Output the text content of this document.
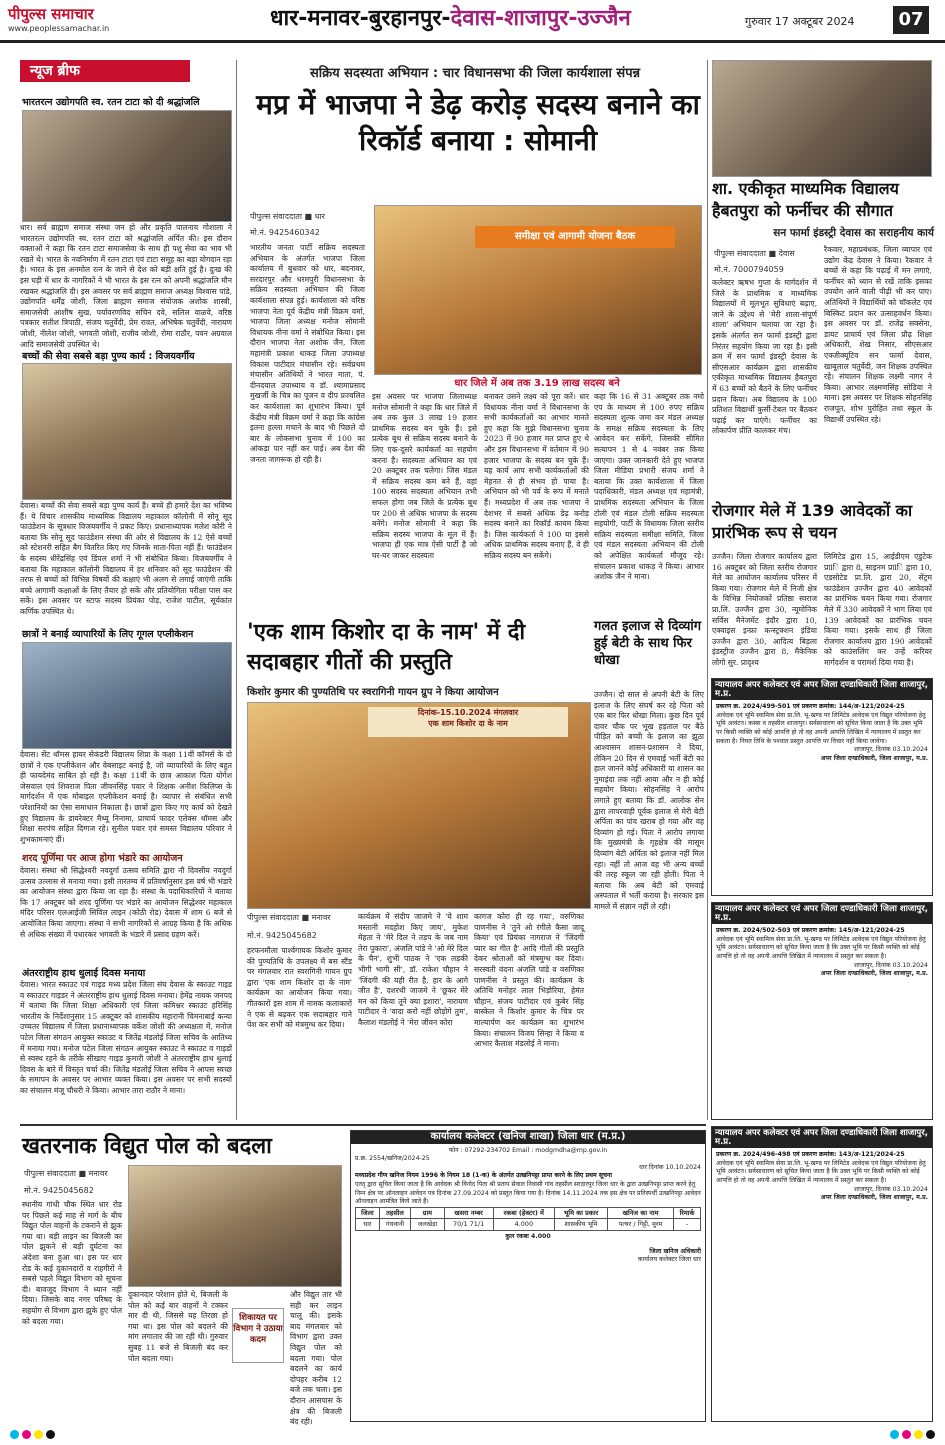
पीपुल्स समाचार
www.peoplessamachar.in	धार-मनावर-बुरहानपुर-देवास-शाजापुर-उज्जैन	गुरुवार 17 अक्टूबर 2024	07
न्यूज ब्रीफ
भारतरत्न उद्योगपति स्व. रतन टाटा को दी श्रद्धांजलि
धार। सर्व ब्राह्मण समाज संस्था जन हो और प्रकृति पालनाय गोशाला ने भारतरत्न उद्योगपति स्व. रतन टाटा को श्रद्धांजलि अर्पित की। इस दौरान वक्ताओं ने कहा कि रतन टाटा समाजसेवा के साथ ही पशु सेवा का भाव भी रखते थे। भारत के नवनिर्माण में रतन टाटा एवं टाटा समूह का बड़ा योगदान रहा है। भारत के इस अनमोल रत्न के जाने से देश को बड़ी क्षति हुई है। दुःख की इस घड़ी में धार के नागरिकों ने भी भारत के इस रत्न को अपनी श्रद्धांजलि मौन रखकर श्रद्धांजलि दी। इस अवसर पर सर्व ब्राह्मण समाज अध्यक्ष विश्वास पांडे, उद्योगपति धर्मेंद्र जोशी, जिला ब्राह्मण समाज संयोजक अशोक शास्त्री, समाजसेवी आशीष सुख, पर्यावरणविद सचिन दवे, सलिल वाळवे, वरिष्ठ पत्रकार सतीश त्रिपाठी, संजय चतुर्वेदी, प्रेम रावत, अभिषेक चतुर्वेदी, नारायण जोशी, नीलेश जोशी, भगवती जोशी, राजीव जोशी, रोमा राठौर, पवन अग्रवाल आदि समाजसेवी उपस्थित थे।
बच्चों की सेवा सबसे बड़ा पुण्य कार्य : विजयवर्गीय
देवास। बच्चों की सेवा सबसे बड़ा पुण्य कार्य है। बच्चे ही हमारे देश का भविष्य हैं। ये विचार शासकीय माध्यमिक विद्यालय महाकाल कॉलोनी में सोनू सूद फाउंडेशन के सूत्रधार विजयवर्गीय ने प्रकट किए। प्रधानाध्यापक मलेश कोरी ने बताया कि सोनू सूद फाउंडेशन संस्था की ओर से विद्यालय के 12 ऐसे बच्चों को स्टेशनरी सहित बैग वितरित किए गए जिनके माता-पिता नहीं हैं। फाउंडेशन के सदस्य धीरेंद्रसिंह एवं डिंपल शर्मा ने भी संबोधित किया। विजयवर्गीय ने बताया कि महाकाल कॉलोनी विद्यालय में हर शनिवार को सूद फाउंडेशन की तरफ से बच्चों को विभिन्न विषयों की कक्षाएं भी अलग से लगाई जाएंगी ताकि बच्चे आगामी कक्षाओं के लिए तैयार हो सकें और प्रतियोगिता परीक्षा पास कर सकें। इस अवसर पर स्टाफ सदस्य प्रियंका पोड़, राजेश पाटील, सूर्यकांत कर्णिक उपस्थित थे।
छात्रों ने बनाई व्यापारियों के लिए गूगल एप्लीकेशन
देवास। सेंट थॉमस हायर सेकंडरी विद्यालय शिप्रा के कक्षा 11वीं कॉमर्स के दो छात्रों ने एक एप्लीकेशन और वेबसाइट बनाई है, जो व्यापारियों के लिए बहुत ही फायदेमंद साबित हो रही है। कक्षा 11वीं के छात्र आकाश पिता योगेश जेसवाल एवं शिवराज पिता जीवनसिंह पवार ने शिक्षक अनीश फिलिप्स के मार्गदर्शन में एक मोबाइल एप्लीकेशन बनाई है। व्यापार से संबंधित सभी परेशानियों का ऐसा समाधान निकाला है। छात्रों द्वारा किए गए कार्य को देखते हुए विद्यालय के डायरेक्टर मैथ्यू निनामा, प्राचार्य फादर एलेक्स थॉमस और शिक्षा सरपंच सहित दिग्गज रहे। सुनील पवार एवं समस्त विद्यालय परिवार ने शुभकामनाएं दीं।
शरद पूर्णिमा पर आज होगा भंडारे का आयोजन
देवास। संस्था श्री सिद्धेश्वरी नवदुर्गा उत्सव समिति द्वारा नौ दिवसीय नवदुर्गा उत्सव उल्लास से मनाया गया। इसी तारतम्य में प्रतिवर्षानुसार इस वर्ष भी भंडारे का आयोजन संस्था द्वारा किया जा रहा है। संस्था के पदाधिकारियों ने बताया कि 17 अक्टूबर को शरद पूर्णिमा पर भंडारे का आयोजन सिद्धेश्वर महाकाल मंदिर परिसर एलआईजी सिविल लाइन (कोठी रोड) देवास में शाम 6 बजे से आयोजित किया जाएगा। संस्था ने सभी नागरिकों से आग्रह किया है कि अधिक से अधिक संख्या में पधारकर भगवती के भंडारे में प्रसाद ग्रहण करें।
अंतरराष्ट्रीय हाथ धुलाई दिवस मनाया
देवास। भारत स्काउट एवं गाइड मध्य प्रदेश जिला संघ देवास के स्काउट गाइड व स्काउटर गाइडर ने अंतरराष्ट्रीय हाथ धुलाई दिवस मनाया। हेमेंद्र नायक जनपद में बताया कि जिला शिक्षा अधिकारी एवं जिला कमिश्नर स्काउट हरिसिंह भारतीय के निर्देशानुसार 15 अक्टूबर को शासकीय महारानी चिमनाबाई कन्या उच्चतर विद्यालय में जिला प्रधानाध्यापक वर्केश जोशी की अध्यक्षता में, मनोज पटेल जिला संगठन आयुक्त स्काउट व जितेंद्र मंडलोई जिला सचिव के आतिथ्य में मनाया गया। मनोज पटेल जिला संगठन आयुक्त स्काउट ने स्काउट व गाइडों से स्वस्थ रहने के तरीके सीखाए गाइड कुमारी जोशी ने अंतरराष्ट्रीय हाथ धुलाई दिवस के बारे में विस्तृत चर्चा की। जितेंद्र मंडलोई जिला सचिव ने आपस स्वच्छ के समापन के अवसर पर आभार व्यक्त किया। इस अवसर पर सभी सदस्यों का संचालन मंजू चौधरी ने किया। आभार तारा राठौर ने माना।
सक्रिय सदस्यता अभियान : चार विधानसभा की जिला कार्यशाला संपन्न
मप्र में भाजपा ने डेढ़ करोड़ सदस्य बनाने का रिकॉर्ड बनाया : सोमानी
पीपुल्स संवाददाता ■ धार
मो.नं. 9425460342	समीक्षा एवं आगामी योजना बैठक
धार जिले में अब तक 3.19 लाख सदस्य बने
भारतीय जनता पार्टी सक्रिय सदस्यता अभियान के अंतर्गत भाजपा जिला कार्यालय में बुधवार को धार, बदनावर, सरदारपुर और धरमपुरी विधानसभा के सक्रिय सदस्यता अभियान की जिला कार्यशाला संपन्न हुई। कार्यशाला को वरिष्ठ भाजपा नेता पूर्व केंद्रीय मंत्री विक्रम वर्मा, भाजपा जिला अध्यक्ष मनोज सोमानी विधायक नीना वर्मा ने संबोधित किया। इस दौरान भाजपा नेता अशोक जैन, जिला महामंत्री प्रकाश धाकड़ जिला उपाध्यक्ष विकास पाटीदार मंचासीन रहे। सर्वप्रथम मंचासीन अतिथियों ने भारत माता, पं. दीनदयाल उपाध्याय व डॉ. श्यामाप्रसाद मुखर्जी के चित्र का पूजन व दीप प्रज्वलित कर कार्यशाला का शुभारंभ किया। पूर्व केंद्रीय मंत्री विक्रम वर्मा ने कहा कि कांग्रेस इतना हल्ला मचाने के बाद भी पिछले दो बार के लोकसभा चुनाव में 100 का आंकड़ा पार नहीं कर पाई। अब देश की जनता जागरूक हो रही है।
इस अवसर पर भाजपा जिलाध्यक्ष मनोज सोमानी ने कहा कि धार जिले में अब तक कुल 3 लाख 19 हजार प्राथमिक सदस्य बन चुके हैं। इसे प्रत्येक बूथ से सक्रिय सदस्य बनाने के लिए एक-दूसरे कार्यकर्ता का सहयोग करना है। सदस्यता अभियान का एवं 20 अक्टूबर तक चलेगा। जिस मंडल में सक्रिय सदस्य कम बने हैं, वहां 100 सदस्य सदस्यता अभियान तभी सफल होगा जब जिले के प्रत्येक बूथ पर 200 से अधिक भाजपा के सदस्य बनेंगे। मनोज सोमानी ने कहा कि सक्रिय सदस्य भाजपा के मूल में हैं। भाजपा ही एक मात्र ऐसी पार्टी है जो घर-घर जाकर सदस्यता
बनाकर उसने लक्ष्य को पूरा करें। धार विधायक नीना वर्मा ने विधानसभा के सभी कार्यकर्ताओं का आभार मानते हुए कहा कि मुझे विधानसभा चुनाव 2023 में 90 हजार मत प्राप्त हुए थे और इस विधानसभा में वर्तमान में 90 हजार भाजपा के सदस्य बन चुके हैं। यह कार्य आप सभी कार्यकर्ताओं की मेहनत से ही संभव हो पाया है। अभियान को भी पर्व के रूप में मनाते हैं। मध्यप्रदेश में अब तक भाजपा ने देशभर में सबसे अधिक डेढ़ करोड़ सदस्य बनाने का रिकॉर्ड कायम किया है। जिस कार्यकर्ता ने 100 या इससे अधिक प्राथमिक सदस्य बनाए हैं, वे ही सक्रिय सदस्य बन सकेंगे।
कहा कि 16 से 31 अक्टूबर तक नमो एप के माध्यम से 100 रुपए सक्रिय सदस्यता शुल्क जमा कर मंडल अध्यक्ष के समक्ष सक्रिय सदस्यता के लिए आवेदन कर सकेंगे, जिसकी सीमित सत्यापन 1 से 4 नवंबर तक किया जाएगा। उक्त जानकारी देते हुए भाजपा जिला मीडिया प्रभारी संजय शर्मा ने बताया कि उक्त कार्यशाला में जिला पदाधिकारी, मंडल अध्यक्ष एवं महामंत्री, प्राथमिक सदस्यता अभियान के जिला टोली एवं मंडल टोली सक्रिय सदस्यता सहयोगी, पार्टी के विधायक जिला स्तरीय सक्रिय सदस्यता समीक्षा समिति, जिला एवं मंडल सदस्यता अभियान की टोली को अपेक्षित कार्यकर्ता मौजूद रहे। संचालन प्रकाश धाकड़ ने किया। आभार अशोक जैन ने माना।
शा. एकीकृत माध्यमिक विद्यालय हैबतपुरा को फर्नीचर की सौगात
सन फार्मा इंडस्ट्री देवास का सराहनीय कार्य
पीपुल्स संवाददाता ■ देवास
मो.नं. 7000794059
कलेक्टर ऋषभ गुप्ता के मार्गदर्शन में जिले के प्राथमिक व माध्यमिक विद्यालयों में मूलभूत सुविधाएं बढ़ाए, जाने के उद्देश्य से 'मेरी शाला-संपूर्ण शाला' अभियान चलाया जा रहा है। इसके अंतर्गत सन फार्मा इंडस्ट्री द्वारा निरंतर सहयोग किया जा रहा है। इसी क्रम में सन फार्मा इंडस्ट्री देवास के सीएसआर कार्यक्रम द्वारा शासकीय एकीकृत माध्यमिक विद्यालय हैबतपुरा में 63 बच्चों को बैठने के लिए फर्नीचर प्रदान किया। अब विद्यालय के 100 प्रतिशत विद्यार्थी कुर्सी-टेबल पर बैठकर पढ़ाई कर पाएंगे। फर्नीचर का लोकार्पण प्रीति कालकर मंच।
रैकवार, महाप्रबंधक, जिला व्यापार एवं उद्योग केंद्र देवास ने किया। रैकवार ने बच्चों से कहा कि पढ़ाई में मन लगाएं, फर्नीचर को ध्यान से रखें ताकि इसका उपयोग आने वाली पीढ़ी भी कर पाए। अतिथियों ने विद्यार्थियों को चॉकलेट एवं बिस्किट प्रदान कर उत्साहवर्धन किया। इस अवसर पर डॉ. राजेंद्र सक्सेना, डायट प्राचार्य एवं जिला प्रौढ़ शिक्षा अधिकारी, शेख निसार, सीएसआर एक्जीक्यूटिव सन फार्मा देवास, खाबूलाल चतुर्वेदी, जन शिक्षक उपस्थित रहे। संचालन शिक्षक लक्ष्मी नागर ने किया। आभार लक्ष्मणसिंह सोडिया ने माना। इस अवसर पर शिक्षक सोहनसिंह राजपूत, शोभ पुरोहित तथा स्कूल के विद्यार्थी उपस्थित रहे।
रोजगार मेले में 139 आवेदकों का प्रारंभिक रूप से चयन
उज्जैन। जिला रोजगार कार्यालय द्वारा 16 अक्टूबर को जिला स्तरीय रोजगार मेले का आयोजन कार्यालय परिसर में किया गया। रोजगार मेले में निजी क्षेत्र के विभिन्न नियोजकों प्रतिष्ठा स्वराज प्रा.लि. उज्जैन द्वारा 30, न्यूमोनिक सर्विस मैनेजमेंट इंदौर द्वारा 10, एक्वाइस इन्फ्रा कन्स्ट्रक्शन इंडिया उज्जैन द्वारा 30, आदित्य बिड़ला इंडस्ट्रीज उज्जैन द्वारा 8, मैकेनिक लोगो सुर. प्रादृश्य
लिमिटेड द्वारा 15, आईडीएम एडुटेक प्राlि द्वारा 8, साइनम प्राlि द्वारा 10, एडसोटेड प्रा.लि. द्वारा 20, सेंट्रम फाउंडेशन उज्जैन द्वारा 40 आवेदकों का प्रारंभिक चयन किया गया। रोजगार मेले में 330 आवेदकों ने भाग लिया एवं 139 आवेदकों का प्रारंभिक चयन किया गया। इसके साथ ही जिला रोजगार कार्यालय द्वारा 190 आवेदकों को काउंसलिंग कर उन्हें करियर मार्गदर्शन व परामर्श दिया गया है।
न्यायालय अपर कलेक्टर एवं अपर जिला दण्डाधिकारी जिला शाजापुर, म.प्र.
प्रकरण क्र. 2024/499-501 एवं प्रकरण क्रमांक: 144/अ-121/2024-25
आवेदक एवं भूमि स्वामित्व सेवा प्रा.लि. भू-खण्ड पर लिमिटेड आवेदक एवं विद्युत परियोजना हेतु भूमि आवंटन। कस्बा व तहसील शाजापुर। सर्वसाधारण को सूचित किया जाता है कि उक्त भूमि पर किसी व्यक्ति को कोई आपत्ति हो तो वह अपनी आपत्ति लिखित में न्यायालय में प्रस्तुत कर सकता है। नियत तिथि के पश्चात प्रस्तुत आपत्ति पर विचार नहीं किया जावेगा।
शाजापुर, दिनांक 03.10.2024
अपर जिला दण्डाधिकारी, जिला शाजापुर, म.प्र.
न्यायालय अपर कलेक्टर एवं अपर जिला दण्डाधिकारी जिला शाजापुर, म.प्र.
प्रकरण क्र. 2024/502-503 एवं प्रकरण क्रमांक: 145/अ-121/2024-25
आवेदक एवं भूमि स्वामित्व सेवा प्रा.लि. भू-खण्ड पर लिमिटेड आवेदक एवं विद्युत परियोजना हेतु भूमि आवंटन। सर्वसाधारण को सूचित किया जाता है कि उक्त भूमि पर किसी व्यक्ति को कोई आपत्ति हो तो वह अपनी आपत्ति लिखित में न्यायालय में प्रस्तुत कर सकता है।
शाजापुर, दिनांक 03.10.2024
अपर जिला दण्डाधिकारी, जिला शाजापुर, म.प्र.
न्यायालय अपर कलेक्टर एवं अपर जिला दण्डाधिकारी जिला शाजापुर, म.प्र.
प्रकरण क्र. 2024/496-498 एवं प्रकरण क्रमांक: 143/अ-121/2024-25
आवेदक एवं भूमि स्वामित्व सेवा प्रा.लि. भू-खण्ड पर लिमिटेड आवेदक एवं विद्युत परियोजना हेतु भूमि आवंटन। सर्वसाधारण को सूचित किया जाता है कि उक्त भूमि पर किसी व्यक्ति को कोई आपत्ति हो तो वह अपनी आपत्ति लिखित में न्यायालय में प्रस्तुत कर सकता है।
शाजापुर, दिनांक 03.10.2024
अपर जिला दण्डाधिकारी, जिला शाजापुर, म.प्र.
'एक शाम किशोर दा के नाम' में दी सदाबहार गीतों की प्रस्तुति
किशोर कुमार की पुण्यतिथि पर स्वरागिनी गायन ग्रुप ने किया आयोजन
दिनांक-15.10.2024 मंगलवार
एक शाम किशोर दा के नाम
पीपुल्स संवाददाता ■ मनावर
मो.नं. 9425045682
हरफनमौला पार्श्वगायक किशोर कुमार की पुण्यतिथि के उपलक्ष्य में बस स्टैंड पर मंगलवार रात स्वरागिनी गायन ग्रुप द्वारा 'एक शाम किशोर दा के नाम' कार्यक्रम का आयोजन किया गया। गीतकारों इस शाम में नामक कलाकारों ने एक से बढ़कर एक सदाबहार गाने पेश कर सभी को मंत्रमुग्ध कर दिया।
कार्यक्रम में संदीप जाजमे ने 'ये शाम मस्तानी मदहोश किए जाय', मुकेश मेहता ने 'मेरे दिल ने तड़प के जब नाम तेरा पुकारा', अंजलि पांडे ने 'ओ मेरे दिल के चैन', शुभी पाठक ने 'एक लड़की भीगी भागी सी', डॉ. राकेश चौहान ने 'जिंदगी की यही रीत है, हार के आगे जीत है', दशरथी जाजमे ने 'छूकर मेरे मन को किया तूने क्या इशारा', नारायण पाटीदार ने 'वादा करो नहीं छोड़ोगे तुम', कैलाश मंडलोई ने 'मेरा जीवन कोरा
कागज कोरा ही रह गया', वरुणिका पाणनीस ने 'तुने ओ रंगीले कैसा जादू किया' एवं प्रियंका नागराज ने 'जिंदगी प्यार का गीत है' आदि गीतों की प्रस्तुति देकर श्रोताओं को मंत्रमुग्ध कर दिया। सरस्वती वंदना अंजलि पांडे व वरुणिका पाणनीस ने प्रस्तुत की। कार्यक्रम के अतिथि मनोहर लाल भिड़ोरिया, हेमंत चौहान, संजय पाटीदार एवं कुबेर सिंह बास्केल ने किशोर कुमार के चित्र पर माल्यार्पण कर कार्यक्रम का शुभारंभ किया। संचालन विजय सिन्हा ने किया व आभार कैलाश मंडलोई ने माना।
गलत इलाज से दिव्यांग हुई बेटी के साथ फिर धोखा
उज्जैन। दो साल से अपनी बेटी के लिए इलाज के लिए संघर्ष कर रहे पिता को एक बार फिर धोखा मिला। कुछ दिन पूर्व दावर चौक पर भूख हड़ताल पर बैठे पीड़ित को बच्ची के इलाज का झूठा आश्वासन शासन-प्रशासन ने दिया, लेकिन 20 दिन से एमवाई भर्ती बेटी का हाल जानने कोई अधिकारी या शासन का नुमाइंदा तक नहीं आया और न ही कोई सहयोग किया। सोहनसिंह ने आरोप लगाते हुए बताया कि डॉ. आलोक सेन द्वारा लापरवाही पूर्वक इलाज से मेरी बेटी अर्पिता का पांव खराब हो गया और वह दिव्यांग हो गई। पिता ने आरोप लगाया कि मुख्यमंत्री के गृहक्षेत्र की मासूम दिव्यांग बेटी अर्पिता को इलाज नहीं मिल रहा। नहीं तो आज वह भी अन्य बच्चों की तरह स्कूल जा रही होती। पिता ने बताया कि अब बेटी को एमवाई अस्पताल में भर्ती कराया है। सरकार इस मामले में संज्ञान नहीं ले रही।
खतरनाक विद्युत पोल को बदला
पीपुल्स संवाददाता ■ मनावर
मो.नं. 9425045682
स्थानीय गांधी चौक स्थित धार रोड पर पिछले कई माह से मार्ग के बीच विद्युत पोल वाहनों के टकराने से झुक गया था। बड़ी लाइन का बिजली का पोल झुकने से बड़ी दुर्घटना का अंदेशा बना हुआ था। इस पर धार रोड के कई दुकानदारों व राहगीरों ने सबसे पहले विद्युत विभाग को सूचना दी। बावजूद विभाग ने ध्यान नहीं दिया। जिसके बाद नगर परिषद के सहयोग से विभाग द्वारा झुके हुए पोल को बदला गया।
दुकानदार परेशान होते थे, बिजली के पोल को कई बार वाहनों ने टक्कर मार दी थी, जिससे यह तिरछा हो गया था। इस पोल को बदलने की मांग लगातार की जा रही थी। गुरुवार सुबह 11 बजे से बिजली बंद कर पोल बदला गया।
शिकायत पर विभाग ने उठाया कदम
और विद्युत तार भी सही कर लाइन चालू की। इसके बाद मंगलवार को विभाग द्वारा उक्त विद्युत पोल को बदला गया। पोल बदलने का कार्य दोपहर करीब 12 बजे तक चला। इस दौरान आसपास के क्षेत्र की बिजली बंद रही।
कार्यालय कलेक्टर (खनिज शाखा) जिला धार (म.प्र.)
फोन : 07292-234702 Email : modgmdha@mp.gov.in
प्र.क्र. 2554/खनिज/2024-25
धार दिनांक 10.10.2024
मध्यप्रदेश गौण खनिज नियम 1996 के नियम 18 (1-क) के अंतर्गत उत्खनिपट्टा प्राप्त करने के लिए प्रथम सूचना
एतद् द्वारा सूचित किया जाता है कि आवेदक श्री विनोद पिता श्री प्रताप सेवाल निवासी गांव तहसील सरदारपुर जिला धार के द्वारा उत्खनिपट्टा प्राप्त करने हेतु निम्न क्षेत्र पर ऑनलाइन आवेदन पत्र दिनांक 27.09.2024 को प्रस्तुत किया गया है। दिनांक 14.11.2024 तक इस क्षेत्र पर प्रतिस्पर्धी उत्खनिपट्टा आवेदन ऑनलाइन आमंत्रित किये जाते हैं।
जिला	तहसील	ग्राम	खसरा नम्बर	रकबा (हेक्टर) में	भूमि का प्रकार	खनिज का नाम	रिमार्क
धार	गंधवानी	जलखेड़ा	70/1 71/1	4.000	शासकीय भूमि	पत्थर / गिट्टी, मुरम	-
कुल रकबा 4.000
जिला खनिज अधिकारी
कार्यालय कलेक्टर जिला धार
